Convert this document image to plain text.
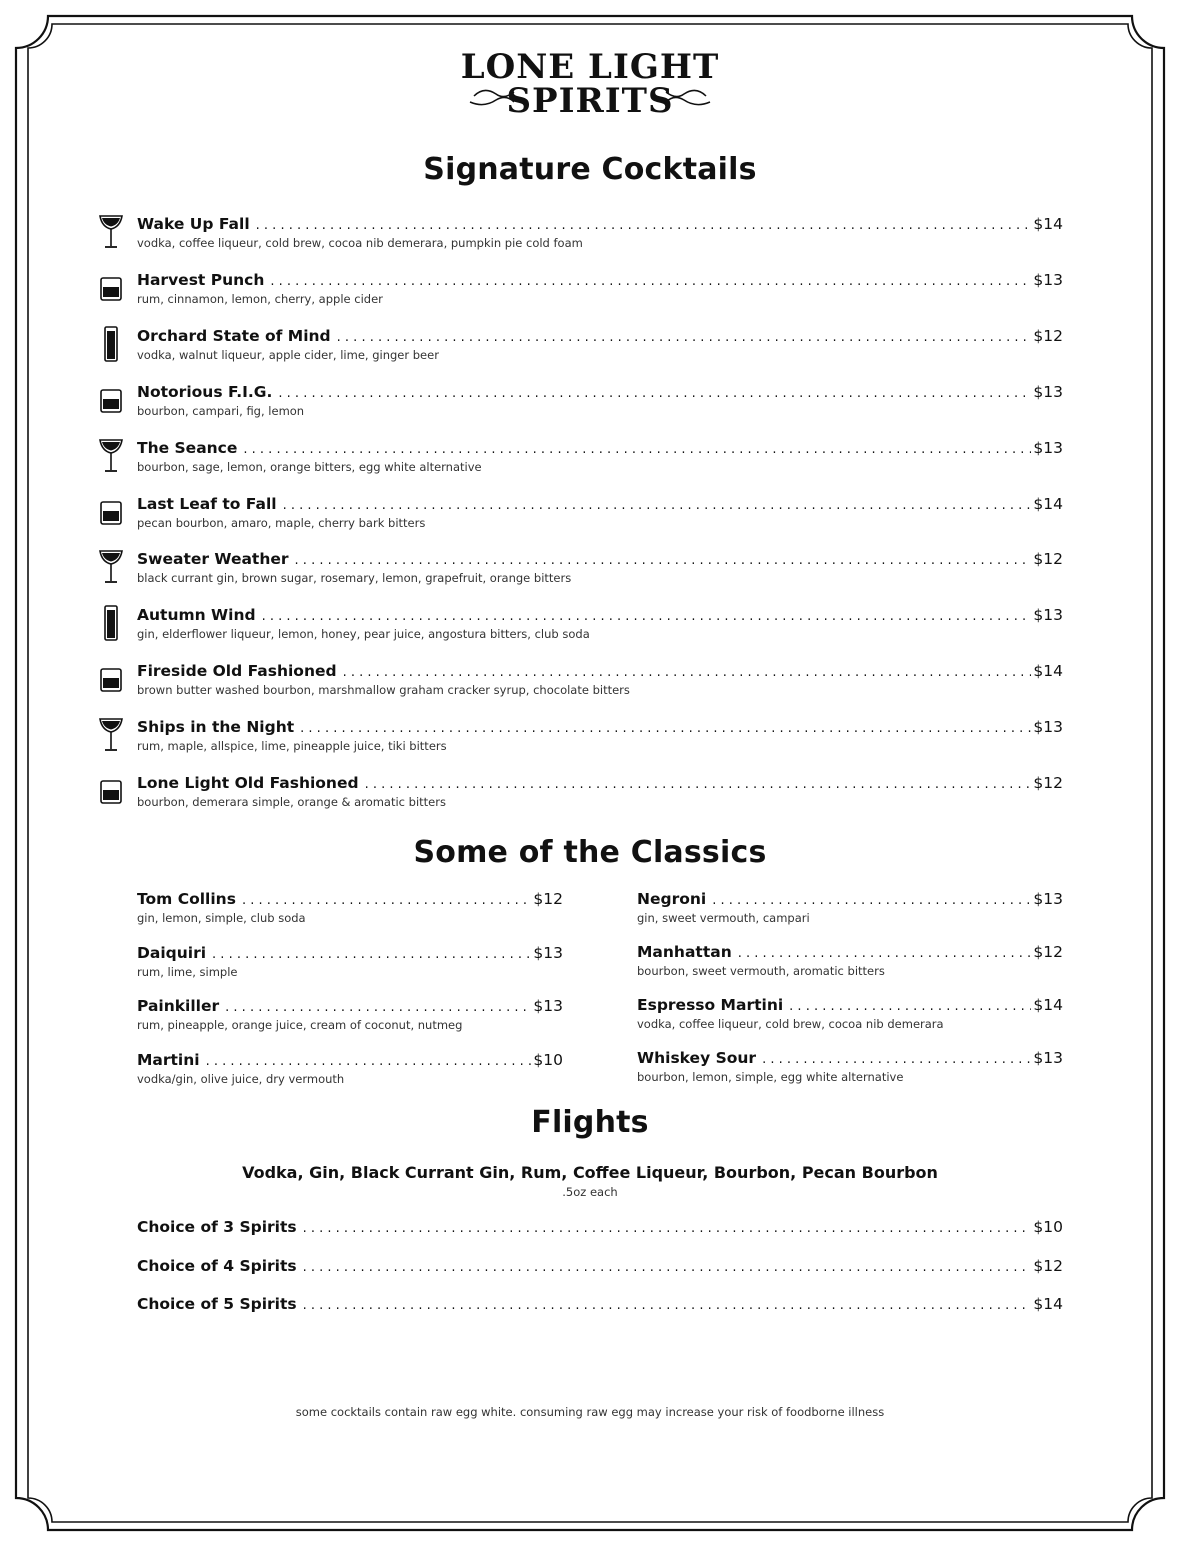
LONE LIGHT
SPIRITS
Signature Cocktails
Wake Up Fall . . .	$14
vodka, coffee liqueur, cold brew, cocoa nib demerara, pumpkin pie cold foam
Harvest Punch . . .	$13
rum, cinnamon, lemon, cherry, apple cider
Orchard State of Mind . . .	$12
vodka, walnut liqueur, apple cider, lime, ginger beer
Notorious F.I.G. . . .	$13
bourbon, campari, fig, lemon
The Seance . . .	$13
bourbon, sage, lemon, orange bitters, egg white alternative
Last Leaf to Fall . . .	$14
pecan bourbon, amaro, maple, cherry bark bitters
Sweater Weather . . .	$12
black currant gin, brown sugar, rosemary, lemon, grapefruit, orange bitters
Autumn Wind . . .	$13
gin, elderflower liqueur, lemon, honey, pear juice, angostura bitters, club soda
Fireside Old Fashioned . . .	$14
brown butter washed bourbon, marshmallow graham cracker syrup, chocolate bitters
Ships in the Night . . .	$13
rum, maple, allspice, lime, pineapple juice, tiki bitters
Lone Light Old Fashioned . . .	$12
bourbon, demerara simple, orange & aromatic bitters
Some of the Classics
Tom Collins . . .	$12
gin, lemon, simple, club soda
Daiquiri . . .	$13
rum, lime, simple
Painkiller . . .	$13
rum, pineapple, orange juice, cream of coconut, nutmeg
Martini . . .	$10
vodka/gin, olive juice, dry vermouth
Negroni . . .	$13
gin, sweet vermouth, campari
Manhattan . . .	$12
bourbon, sweet vermouth, aromatic bitters
Espresso Martini . . .	$14
vodka, coffee liqueur, cold brew, cocoa nib demerara
Whiskey Sour . . .	$13
bourbon, lemon, simple, egg white alternative
Flights
Vodka, Gin, Black Currant Gin, Rum, Coffee Liqueur, Bourbon, Pecan Bourbon
.5oz each
Choice of 3 Spirits . . .	$10
Choice of 4 Spirits . . .	$12
Choice of 5 Spirits . . .	$14
some cocktails contain raw egg white. consuming raw egg may increase your risk of foodborne illness
